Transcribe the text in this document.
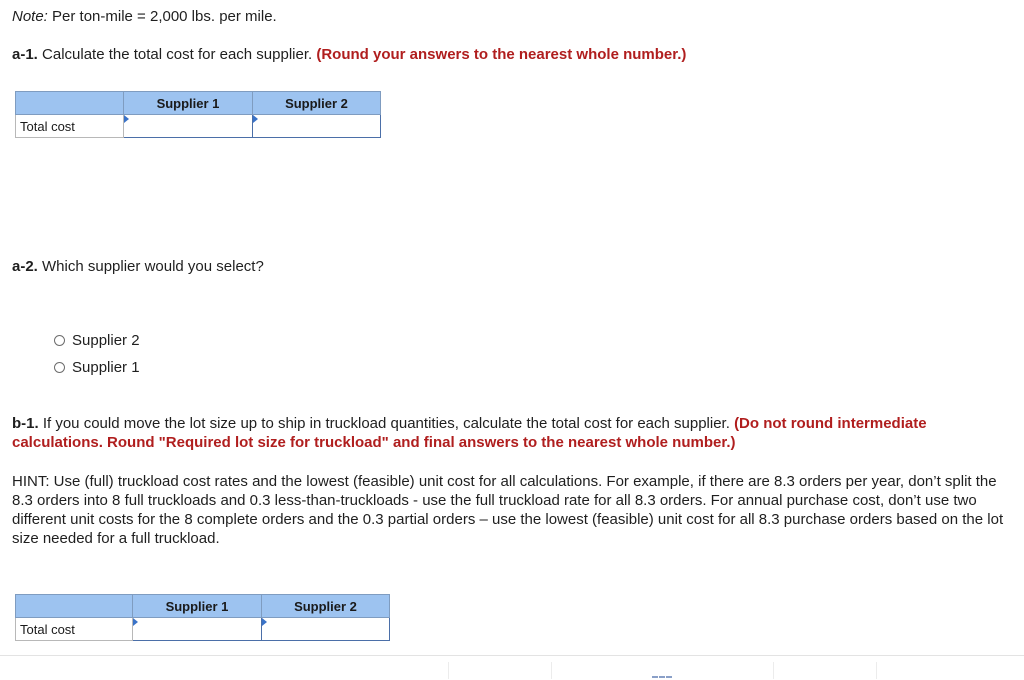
Note: Per ton-mile = 2,000 lbs. per mile.
a-1. Calculate the total cost for each supplier. (Round your answers to the nearest whole number.)
	Supplier 1	Supplier 2
Total cost	

a-2. Which supplier would you select?
Supplier 2
Supplier 1
b-1. If you could move the lot size up to ship in truckload quantities, calculate the total cost for each supplier. (Do not round intermediate calculations. Round "Required lot size for truckload" and final answers to the nearest whole number.)
HINT: Use (full) truckload cost rates and the lowest (feasible) unit cost for all calculations. For example, if there are 8.3 orders per year, don’t split the 8.3 orders into 8 full truckloads and 0.3 less-than-truckloads - use the full truckload rate for all 8.3 orders. For annual purchase cost, don’t use two different unit costs for the 8 complete orders and the 0.3 partial orders – use the lowest (feasible) unit cost for all 8.3 purchase orders based on the lot size needed for a full truckload.
	Supplier 1	Supplier 2
Total cost	
